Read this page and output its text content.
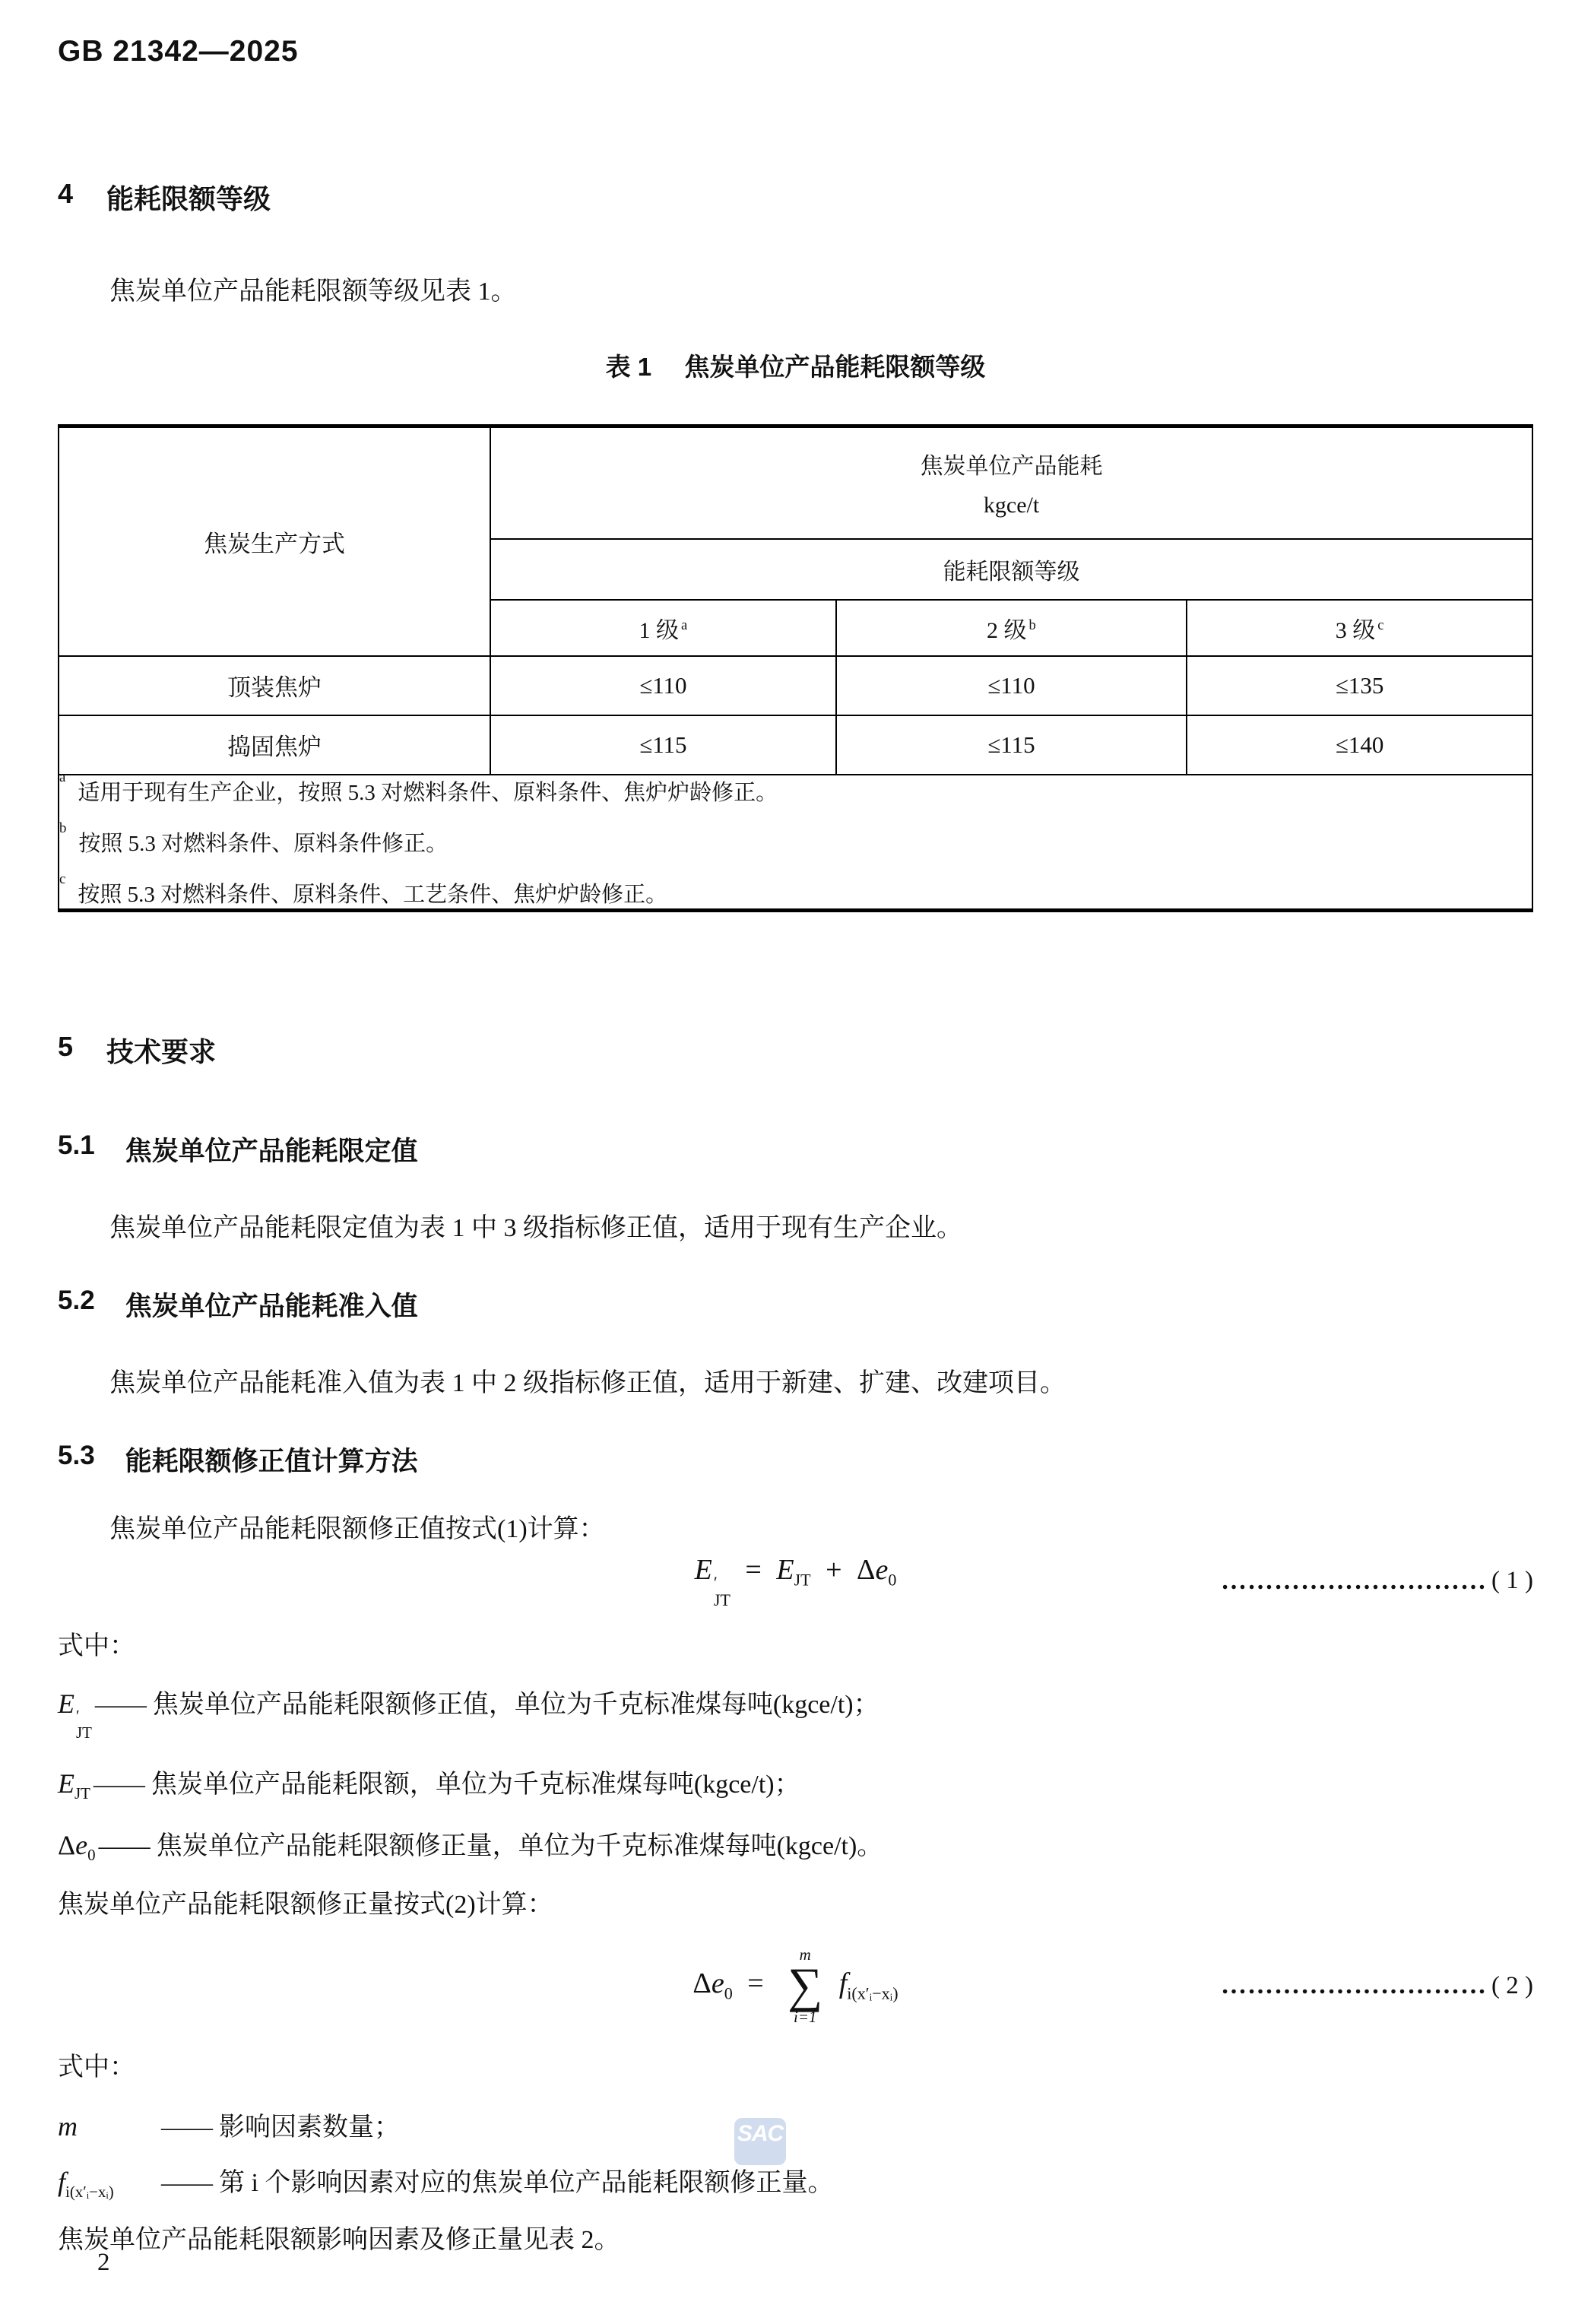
GB 21342—2025
4 能耗限额等级

焦炭单位产品能耗限额等级见表 1。

表 1 焦炭单位产品能耗限额等级
焦炭生产方式	焦炭单位产品能耗
kgce/t		

	能耗限额等级		
	1 级 $^a$	2 级 $^b$	3 级 $^c$
顶装焦炉	≤110	≤110	≤135
捣固焦炉	≤115	≤115	≤140

a
适用于现有生产企业，按照 5.3 对燃料条件、原料条件、焦炉炉龄修正。
b
按照 5.3 对燃料条件、原料条件修正。
c
按照 5.3 对燃料条件、原料条件、工艺条件、焦炉炉龄修正。
5 技术要求
5.1 焦炭单位产品能耗限定值

焦炭单位产品能耗限定值为表 1 中 3 级指标修正值，适用于现有生产企业。

5.2 焦炭单位产品能耗准入值

焦炭单位产品能耗准入值为表 1 中 2 级指标修正值，适用于新建、扩建、改建项目。

5.3 能耗限额修正值计算方法

焦炭单位产品能耗限额修正值按式(1)计算：

E ′
JT
= $E_{JT} + \Delta e_0$	………………………… ( 1 )

式中：

E ′
JT
—— 焦炭单位产品能耗限额修正值，单位为千克标准煤每吨(kgce/t)；
$E_{JT}$ —— 焦炭单位产品能耗限额，单位为千克标准煤每吨(kgce/t)；
$\Delta e_0$ —— 焦炭单位产品能耗限额修正量，单位为千克标准煤每吨(kgce/t)。

焦炭单位产品能耗限额修正量按式(2)计算：

$\Delta e_0$ =
m
∑
i=1
$f_{i(x'ᵢ-xᵢ)}$	………………………… ( 2 )

式中：

m	—— 影响因素数量；
$f_{i(x'ᵢ-xᵢ)}$	—— 第 i 个影响因素对应的焦炭单位产品能耗限额修正量。

焦炭单位产品能耗限额影响因素及修正量见表 2。

SAC
2
